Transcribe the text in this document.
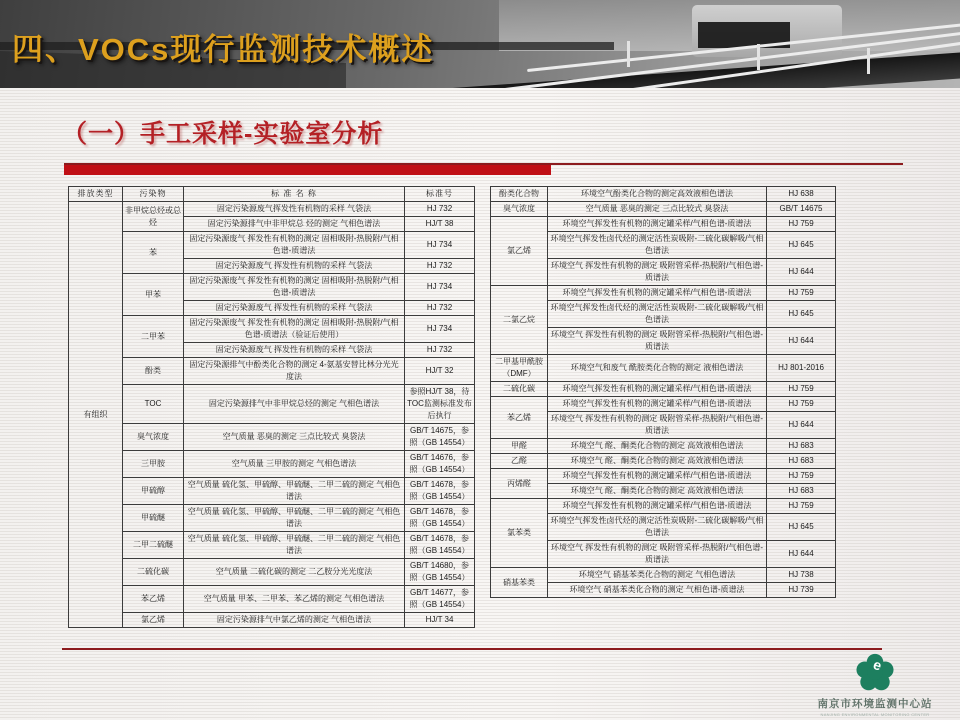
四、VOCs现行监测技术概述
（一）手工采样-实验室分析
排放类型	污染物	标 准 名 称	标准号
有组织	非甲烷总烃或总烃	固定污染源废气挥发性有机物的采样 气袋法	HJ 732
		固定污染源排气中非甲烷总 烃的测定 气相色谱法	HJ/T 38
	苯	固定污染源废气 挥发性有机物的测定 固相吸附-热脱附/气相色谱-质谱法	HJ 734
		固定污染源废气 挥发性有机物的采样 气袋法	HJ 732
	甲苯	固定污染源废气 挥发性有机物的测定 固相吸附-热脱附/气相色谱-质谱法	HJ 734
		固定污染源废气 挥发性有机物的采样 气袋法	HJ 732
	二甲苯	固定污染源废气 挥发性有机物的测定 固相吸附-热脱附/气相色谱-质谱法（验证后使用）	HJ 734
		固定污染源废气 挥发性有机物的采样 气袋法	HJ 732
	酚类	固定污染源排气中酚类化合物的测定 4-氨基安替比林分光光度法	HJ/T 32
	TOC	固定污染源排气中非甲烷总烃的测定 气相色谱法	参照HJ/T 38，待TOC监测标准发布后执行
	臭气浓度	空气质量 恶臭的测定 三点比较式 臭袋法	GB/T 14675，参照（GB 14554）
	三甲胺	空气质量 三甲胺的测定 气相色谱法	GB/T 14676，参照（GB 14554）
	甲硫醇	空气质量 硫化氢、甲硫醇、甲硫醚、二甲二硫的测定 气相色谱法	GB/T 14678，参照（GB 14554）
	甲硫醚	空气质量 硫化氢、甲硫醇、甲硫醚、二甲二硫的测定 气相色谱法	GB/T 14678，参照（GB 14554）
	二甲二硫醚	空气质量 硫化氢、甲硫醇、甲硫醚、二甲二硫的测定 气相色谱法	GB/T 14678，参照（GB 14554）
	二硫化碳	空气质量 二硫化碳的测定 二乙胺分光光度法	GB/T 14680，参照（GB 14554）
	苯乙烯	空气质量 甲苯、二甲苯、苯乙烯的测定 气相色谱法	GB/T 14677，参照（GB 14554）
	氯乙烯	固定污染源排气中氯乙烯的测定 气相色谱法	HJ/T 34
酚类化合物	环境空气酚类化合物的测定高效液相色谱法	HJ 638
臭气浓度	空气质量 恶臭的测定 三点比较式 臭袋法	GB/T 14675
氯乙烯	环境空气挥发性有机物的测定罐采样/气相色谱-质谱法	HJ 759
	环境空气挥发性卤代烃的测定活性炭吸附-二硫化碳解吸/气相色谱法	HJ 645
	环境空气 挥发性有机物的测定 吸附管采样-热脱附/气相色谱-质谱法	HJ 644
二氯乙烷	环境空气挥发性有机物的测定罐采样/气相色谱-质谱法	HJ 759
	环境空气挥发性卤代烃的测定活性炭吸附-二硫化碳解吸/气相色谱法	HJ 645
	环境空气 挥发性有机物的测定 吸附管采样-热脱附/气相色谱-质谱法	HJ 644
二甲基甲酰胺（DMF）	环境空气和废气 酰胺类化合物的测定 液相色谱法	HJ 801-2016
二硫化碳	环境空气挥发性有机物的测定罐采样/气相色谱-质谱法	HJ 759
苯乙烯	环境空气挥发性有机物的测定罐采样/气相色谱-质谱法	HJ 759
	环境空气 挥发性有机物的测定 吸附管采样-热脱附/气相色谱-质谱法	HJ 644
甲醛	环境空气 醛、酮类化合物的测定 高效液相色谱法	HJ 683
乙醛	环境空气 醛、酮类化合物的测定 高效液相色谱法	HJ 683
丙烯醛	环境空气挥发性有机物的测定罐采样/气相色谱-质谱法	HJ 759
	环境空气 醛、酮类化合物的测定 高效液相色谱法	HJ 683
氯苯类	环境空气挥发性有机物的测定罐采样/气相色谱-质谱法	HJ 759
	环境空气挥发性卤代烃的测定活性炭吸附-二硫化碳解吸/气相色谱法	HJ 645
	环境空气 挥发性有机物的测定 吸附管采样-热脱附/气相色谱-质谱法	HJ 644
硝基苯类	环境空气 硝基苯类化合物的测定 气相色谱法	HJ 738
	环境空气 硝基苯类化合物的测定 气相色谱-质谱法	HJ 739
e
南京市环境监测中心站
NANJING ENVIRONMENTAL MONITORING CENTER
